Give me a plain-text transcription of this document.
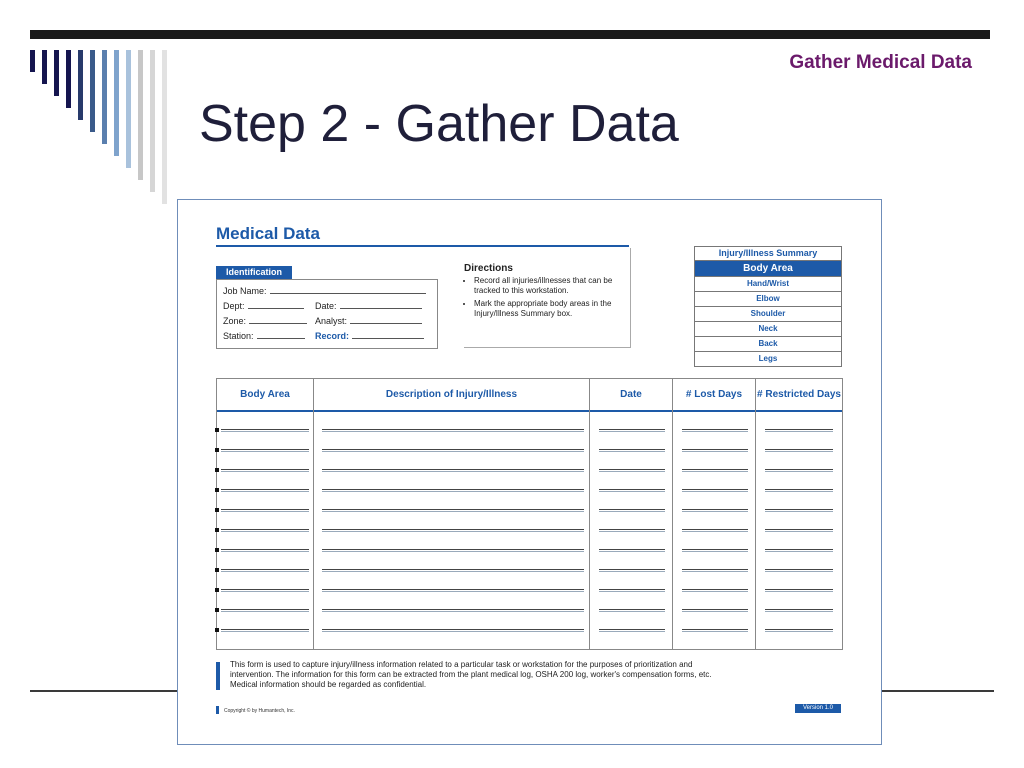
Gather Medical Data
Step 2 - Gather Data
Medical Data
Identification
Job Name:
Dept:	Date:
Zone:	Analyst:
Station:	Record:
Directions
• Record all injuries/illnesses that can be tracked to this workstation.
• Mark the appropriate body areas in the Injury/Illness Summary box.
Injury/Illness Summary
Body Area
Hand/Wrist
Elbow
Shoulder
Neck
Back
Legs
Body Area	Description of Injury/Illness	Date	# Lost Days	# Restricted Days
This form is used to capture injury/illness information related to a particular task or workstation for the purposes of prioritization and intervention. The information for this form can be extracted from the plant medical log, OSHA 200 log, worker's compensation forms, etc. Medical information should be regarded as confidential.
Copyright © by Humantech, Inc.	Version 1.0
